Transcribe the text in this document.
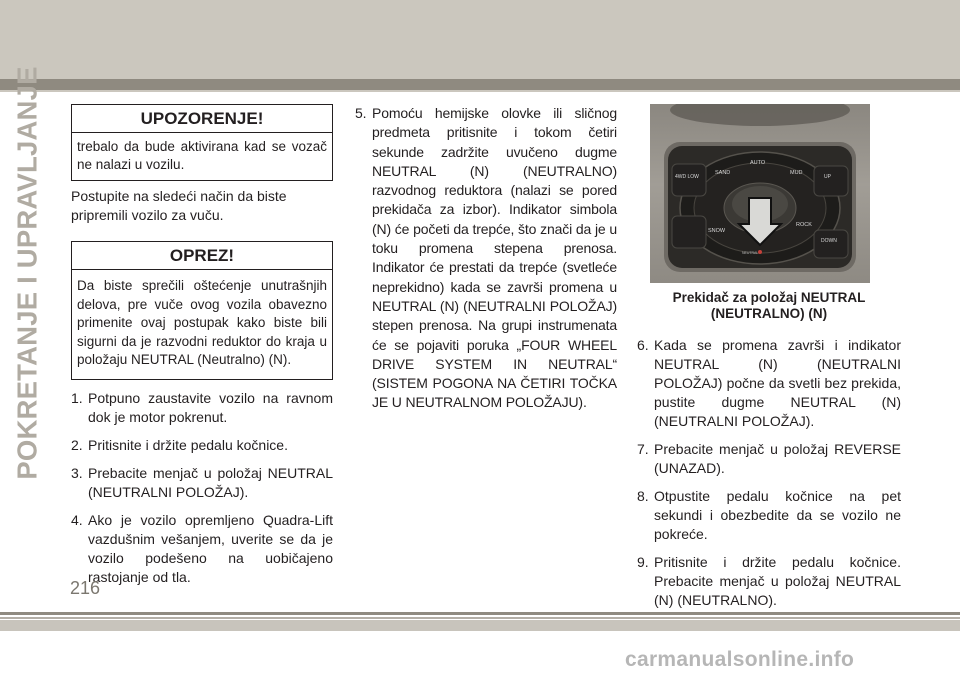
POKRETANJE I UPRAVLJANJE	UPOZORENJE!
trebalo da bude aktivirana kad se vozač ne nalazi u vozilu.

Postupite na sledeći način da biste pripremili vozilo za vuču.

OPREZ!
Da biste sprečili oštećenje unutrašnjih delova, pre vuče ovog vozila obavezno primenite ovaj postupak kako biste bili sigurni da je razvodni reduktor do kraja u položaju NEUTRAL (Neutralno) (N).
1. Potpuno zaustavite vozilo na ravnom dok je motor pokrenut.
2. Pritisnite i držite pedalu kočnice.
3. Prebacite menjač u položaj NEUTRAL (NEUTRALNI POLOŽAJ).
4. Ako je vozilo opremljeno Quadra-Lift vazdušnim vešanjem, uverite se da je vozilo podešeno na uobičajeno rastojanje od tla.
5. Pomoću hemijske olovke ili sličnog predmeta pritisnite i tokom četiri sekunde zadržite uvučeno dugme NEUTRAL (N) (NEUTRALNO) razvodnog reduktora (nalazi se pored prekidača za izbor). Indikator simbola (N) će početi da trepće, što znači da je u toku promena stepena prenosa. Indikator će prestati da trepće (svetleće neprekidno) kada se završi promena u NEUTRAL (N) (NEUTRALNI POLOŽAJ) stepen prenosa. Na grupi instrumenata će se pojaviti poruka „FOUR WHEEL DRIVE SYSTEM IN NEUTRAL“ (SISTEM POGONA NA ČETIRI TOČKA JE U NEUTRALNOM POLOŽAJU).
SAND
AUTO
MUD
4WD LOW
SNOW
ROCK
UP
DOWN
NEUTRAL
Prekidač za položaj NEUTRAL (NEUTRALNO) (N)
6. Kada se promena završi i indikator NEUTRAL (N) (NEUTRALNI POLOŽAJ) počne da svetli bez prekida, pustite dugme NEUTRAL (N) (NEUTRALNI POLOŽAJ).
7. Prebacite menjač u položaj REVERSE (UNAZAD).
8. Otpustite pedalu kočnice na pet sekundi i obezbedite da se vozilo ne pokreće.
9. Pritisnite i držite pedalu kočnice. Prebacite menjač u položaj NEUTRAL (N) (NEUTRALNO).
216
carmanualsonline.info
